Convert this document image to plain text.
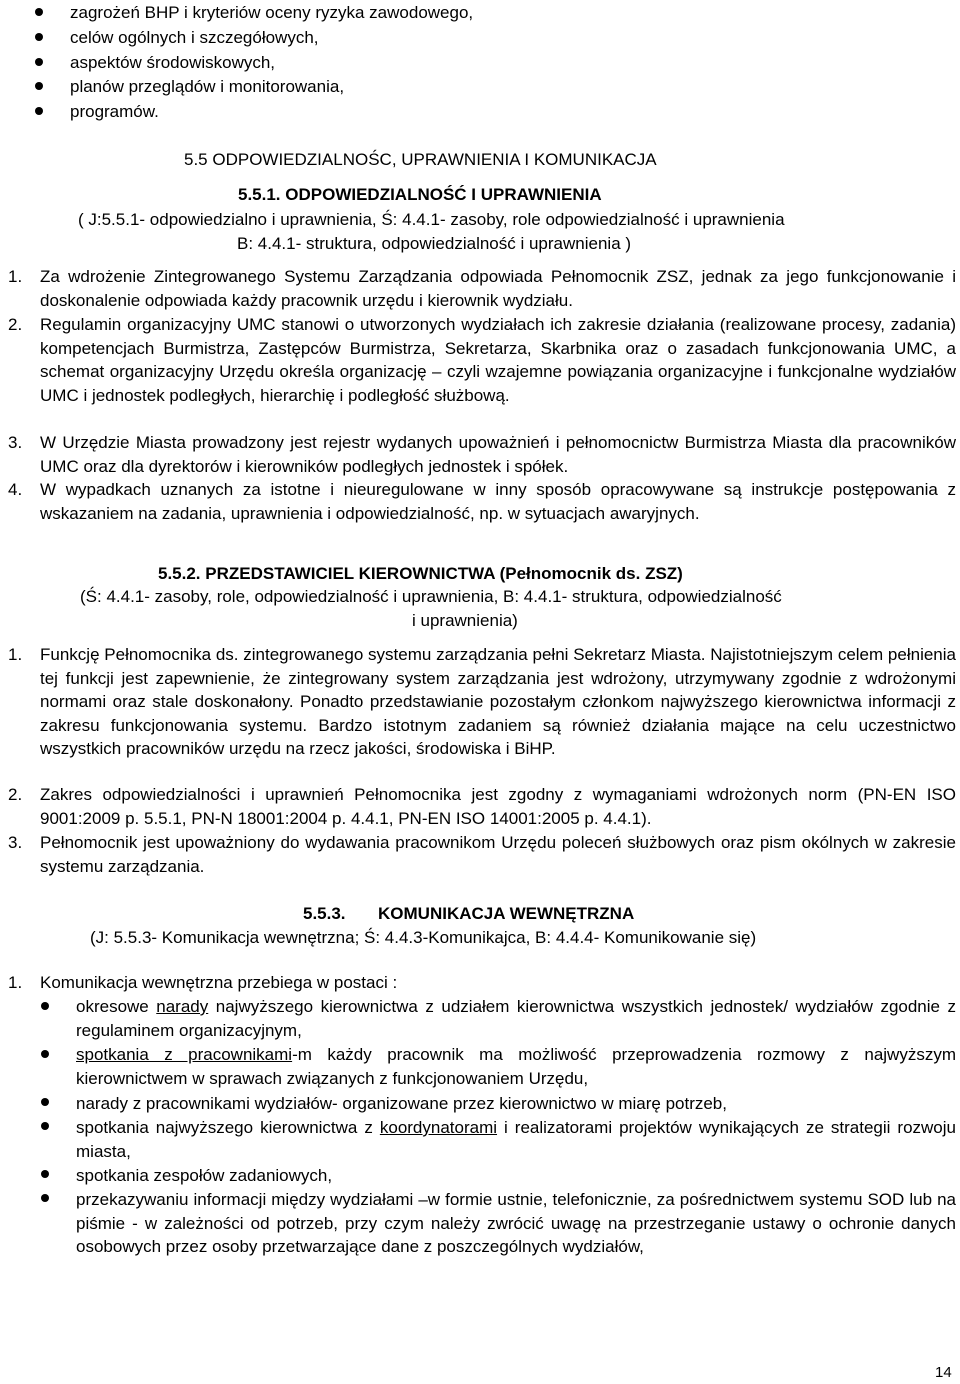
zagrożeń BHP i kryteriów oceny ryzyka zawodowego,
celów ogólnych i szczegółowych,
aspektów środowiskowych,
planów przeglądów i monitorowania,
programów.
5.5 ODPOWIEDZIALNOŚC, UPRAWNIENIA I KOMUNIKACJA
5.5.1. ODPOWIEDZIALNOŚĆ I UPRAWNIENIA
( J:5.5.1- odpowiedzialno i uprawnienia, Ś: 4.4.1- zasoby, role odpowiedzialność i uprawnienia
B: 4.4.1- struktura, odpowiedzialność i uprawnienia )
1. Za wdrożenie Zintegrowanego Systemu Zarządzania odpowiada Pełnomocnik ZSZ, jednak za jego funkcjonowanie i doskonalenie odpowiada każdy pracownik urzędu i kierownik wydziału.
2. Regulamin organizacyjny UMC stanowi o utworzonych wydziałach ich zakresie działania (realizowane procesy, zadania) kompetencjach Burmistrza, Zastępców Burmistrza, Sekretarza, Skarbnika oraz o zasadach funkcjonowania UMC, a schemat organizacyjny Urzędu określa organizację – czyli wzajemne powiązania organizacyjne i funkcjonalne wydziałów UMC i jednostek podległych, hierarchię i podległość służbową.
3. W Urzędzie Miasta prowadzony jest rejestr wydanych upoważnień i pełnomocnictw Burmistrza Miasta dla pracowników UMC oraz dla dyrektorów i kierowników podległych jednostek i spółek.
4. W wypadkach uznanych za istotne i nieuregulowane w inny sposób opracowywane są instrukcje postępowania z wskazaniem na zadania, uprawnienia i odpowiedzialność, np. w sytuacjach awaryjnych.
5.5.2. PRZEDSTAWICIEL KIEROWNICTWA (Pełnomocnik ds. ZSZ)
(Ś: 4.4.1- zasoby, role, odpowiedzialność i uprawnienia, B: 4.4.1- struktura, odpowiedzialność
i uprawnienia)
1. Funkcję Pełnomocnika ds. zintegrowanego systemu zarządzania pełni Sekretarz Miasta. Najistotniejszym celem pełnienia tej funkcji jest zapewnienie, że zintegrowany system zarządzania jest wdrożony, utrzymywany zgodnie z wdrożonymi normami oraz stale doskonałony. Ponadto przedstawianie pozostałym członkom najwyższego kierownictwa informacji z zakresu funkcjonowania systemu. Bardzo istotnym zadaniem są również działania mające na celu uczestnictwo wszystkich pracowników urzędu na rzecz jakości, środowiska i BiHP.
2. Zakres odpowiedzialności i uprawnień Pełnomocnika jest zgodny z wymaganiami wdrożonych norm (PN-EN ISO 9001:2009 p. 5.5.1, PN-N 18001:2004 p. 4.4.1, PN-EN ISO 14001:2005 p. 4.4.1).
3. Pełnomocnik jest upoważniony do wydawania pracownikom Urzędu poleceń służbowych oraz pism okólnych w zakresie systemu zarządzania.
5.5.3. KOMUNIKACJA WEWNĘTRZNA
(J: 5.5.3- Komunikacja wewnętrzna; Ś: 4.4.3-Komunikajca, B: 4.4.4- Komunikowanie się)
1. Komunikacja wewnętrzna przebiega w postaci :
okresowe narady najwyższego kierownictwa z udziałem kierownictwa wszystkich jednostek/ wydziałów zgodnie z regulaminem organizacyjnym,
spotkania z pracownikami-m każdy pracownik ma możliwość przeprowadzenia rozmowy z najwyższym kierownictwem w sprawach związanych z funkcjonowaniem Urzędu,
narady z pracownikami wydziałów- organizowane przez kierownictwo w miarę potrzeb,
spotkania najwyższego kierownictwa z koordynatorami i realizatorami projektów wynikających ze strategii rozwoju miasta,
spotkania zespołów zadaniowych,
przekazywaniu informacji między wydziałami –w formie ustnie, telefonicznie, za pośrednictwem systemu SOD lub na piśmie - w zależności od potrzeb, przy czym należy zwrócić uwagę na przestrzeganie ustawy o ochronie danych osobowych przez osoby przetwarzające dane z poszczególnych wydziałów,
14
